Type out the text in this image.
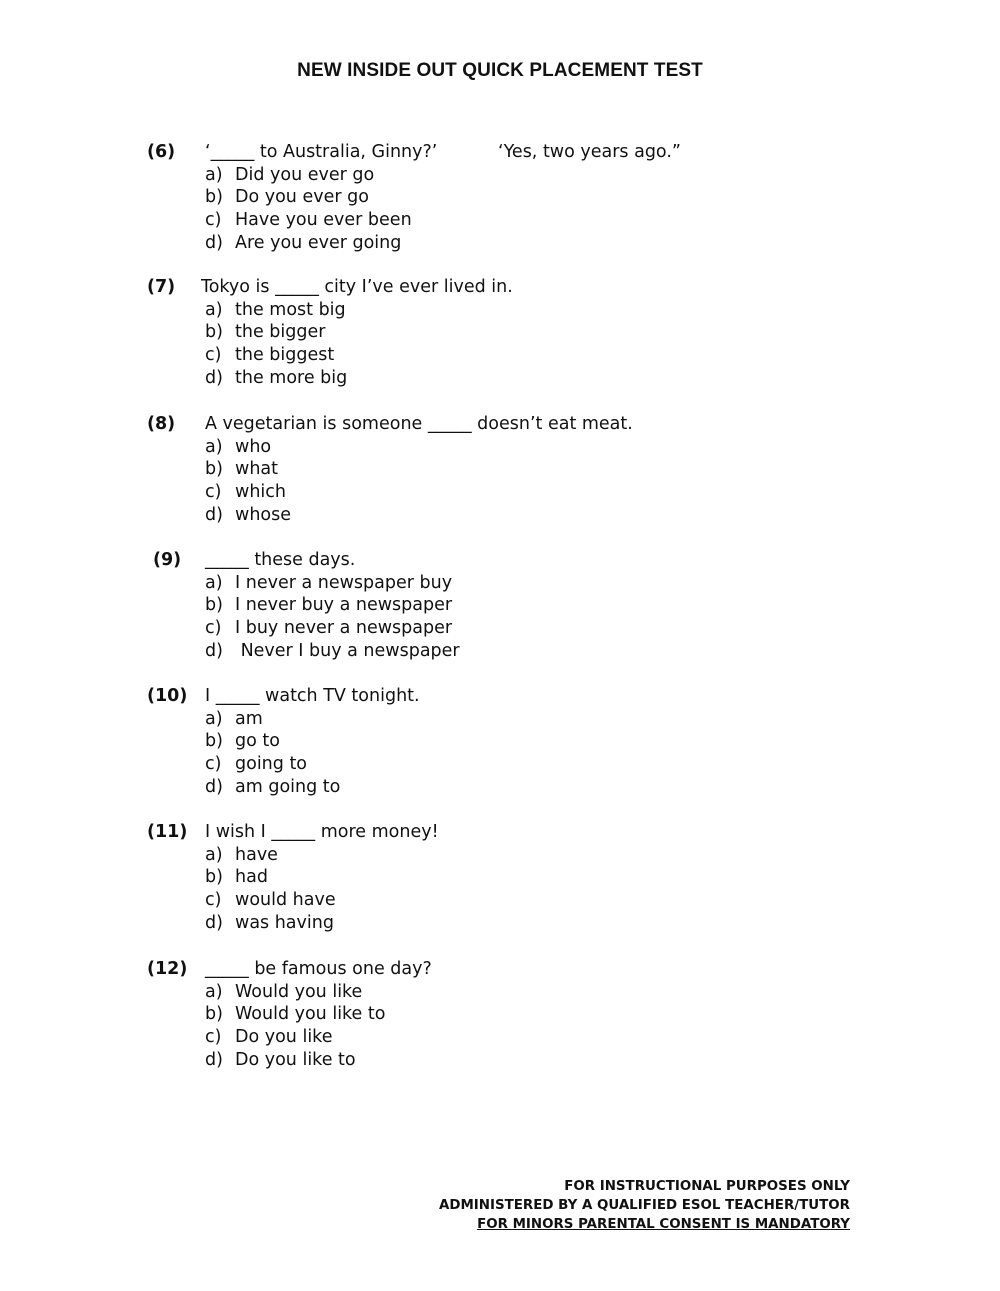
NEW INSIDE OUT QUICK PLACEMENT TEST
(6) ‘_____ to Australia, Ginny?’	‘Yes, two years ago.”
a) Did you ever go
b) Do you ever go
c) Have you ever been
d) Are you ever going
(7) Tokyo is _____ city I’ve ever lived in.
a) the most big
b) the bigger
c) the biggest
d) the more big
(8) A vegetarian is someone _____ doesn’t eat meat.
a) who
b) what
c) which
d) whose
(9) _____ these days.
a) I never a newspaper buy
b) I never buy a newspaper
c) I buy never a newspaper
d) Never I buy a newspaper
(10) I _____ watch TV tonight.
a) am
b) go to
c) going to
d) am going to
(11) I wish I _____ more money!
a) have
b) had
c) would have
d) was having
(12) _____ be famous one day?
a) Would you like
b) Would you like to
c) Do you like
d) Do you like to
FOR INSTRUCTIONAL PURPOSES ONLY
ADMINISTERED BY A QUALIFIED ESOL TEACHER/TUTOR
FOR MINORS PARENTAL CONSENT IS MANDATORY
